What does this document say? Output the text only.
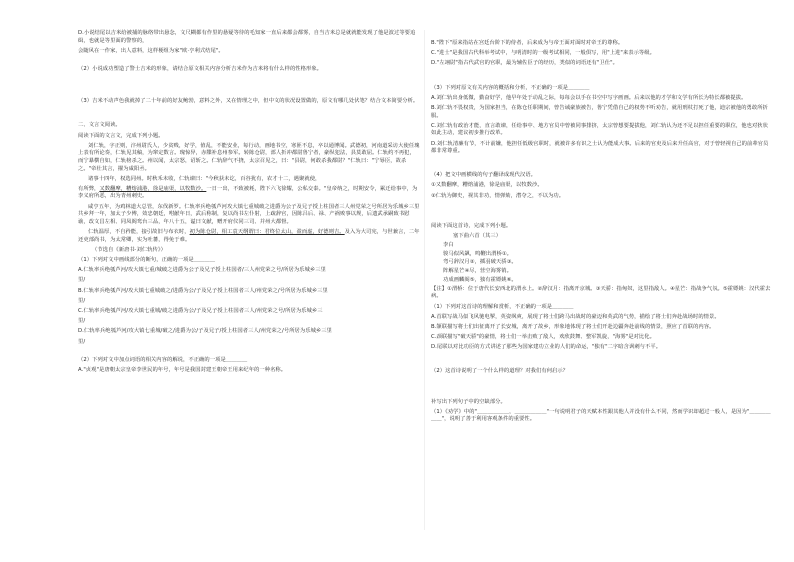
D.小说结尾以吉米给被捕的脉络带出悬念，文尺糊都有作里的悬疑等待的毛知家一直后来都会都雾，自当吉米总是就就能发现了他是波过等要追缉，也就是等里面的警察的，

会随风在一作家，出人意料，这样梗组为家"欧·亨利式结尾"。

（2）小说成功塑造了警士吉米的形象，请结合原文相关内容分析吉米作为吉米将有什么样的性格形象。

（3）吉米不动声色我就掉了二十年前的好友鲍勃，意料之外，又在情理之中，但中文的状况设置做的，原文有哪几处伏笔？结合文本简要分析。

二、文言文阅读。

阅读下面的文言文，完成下列小题。

刘仁轨，字正则，汴州尉氏人，少贫贱，好学，值乱，不能安业，每行动，画地书空，寒匪不息，卒以通博闻。武德初，河南道采访大使任瑰上表有所论奏，仁轨见其稿，为窜定数言。瑰惊异，赤牒补息州参军。转陈仓尉，部人折冲都尉鲁宁者，豪纵犯法，县莫敢屈。仁轨约不再犯，而宁暴横自如，仁轨榜杀之。州以闻，太宗怒，诏斩之。仁轨辞气不挠，太宗召见之，曰："县尉，何敢杀我都尉？"仁轨曰："宁辱臣，故杀之。"帝壮其言，擢为咸阳丞。

诸事十四年，权选同州。时秋禾未收，仁轨谏曰："今秋获未讫，百谷犹有，农才十二，遇聚就使，

有所弊，又数翻摩，糟熔浦港，徐是庙渠，以牧数沙。一日一出，不致被耗，陛下六飞徐耀，公私交泰。"皇帝纳之，时期安令，累迁给事中，为李义府所恶，出为青州刺史。

咸亨五年，为鸡林道大总管，东伐新罗。仁轨率兵绝瓠芦河攻大镇七重城破之进爵为公子及兄子授上柱国者三人州党荣之号所居为乐城乡三里共乡拜一年，加太子少傅，效忠朝廷，咐献年日，武后称制，复以尚书左仆射，上疏辞官，因陈吕后、禄、产祸败事以规，后遗武承嗣致书慰谕，改文昌左相、同凤阁鸾台三品，年八十五，谥曰文献，赠开府仪同三司、并州大都督。

仁轨温厚，不自矜能，接引故旧与布衣时，初为陈仓尉，相工袁天纲谓曰：君终位太山，盈而虚，好德则吉。及入为大司宪，与世兼言，二年还吏部尚书，为太常卿，实为吐蕃，得免于难。

（节选自《新唐书·刘仁轨传》）

（1）下列对文中画线部分的断句，正确的一项是＿＿＿＿

A.仁轨率兵绝瓠芦河/攻大镇七重/城破之进爵为公子及兄子授上柱国者/三人州党荣之号/所居为乐城乡三里

里/

B.仁轨率兵绝瓠芦河/攻大镇七重城破之/进爵为公/子及兄子授上柱国者三人/州党荣之/号所居为乐城乡三里

里/

C.仁轨率兵绝瓠芦河/攻大镇七重城/破之进爵为公/子及兄子授上柱国者三人/州党荣之号/所居为乐城乡三

里/

D.仁轨率兵绝瓠芦河/攻大镇七重城/破之/进爵为公/子及兄子/授上柱国者三人/州党荣之/号所居为乐城乡三里

里/

（2）下列对文中加点词语的相关内容的解说，不正确的一项是＿＿＿＿

A."贞观"是唐朝太宗皇帝李世民的年号，年号是我国封建王朝帝王用来纪年的一种名称。

B."陛下"原来指站在宫廷台阶下的侍者，后来成为与帝王面对面时对帝王的尊称。

C."进士"是我国古代科举考试中，与明清时的一级考试相同，一般俱写，用"上进"来表示等级。

D."左翊尉"指古代武官的官职，最为辅佐臣子的经历，类似的词语还有"卫仕"。

（3）下列对原文有关内容的概括和分析，不正确的一项是＿＿＿＿

A.刘仁轨出身低微，勤奋好学，他早年处于动乱之际，每每会以手在书空中写字画画。后来以他的才学和文学有所长为特长都被提拔。

B.刘仁轨不畏权贵，为国家担当，在陈仓任职期间，曾告诫豪族被告，鲁宁凭借自己的权势不听劝告，就用刑杖打死了他，迪宗被他的勇敢所折服。

C.刘仁轨有政治才能，直言敢谏，任给事中、地方官员中曾被同事排挤，太宗曾想要提拔他，刘仁轨认为还不足以担任重要的职位，他也对狄状如此主动，建议初步推行改革。

D.刘仁轨清廉有节，不计前嫌，他担任低级官职时，就被许多有识之士认为能成大事。后来的官吏及后来升任高官，对于曾轻视自己的前辈官员都非常尊重。

（4）把文中画横线的句子翻译成现代汉语。

①又数翻摩，糟熔浦港，徐是庙渠，以牧数沙。

②仁轨为御史，视其非功，情弹劾，潜夺之，不以为功。

阅读下面这首诗，完成下列小题。

塞下曲六首（其三）

李白

骏马似风飙，鸣鞭出渭桥①。

弯弓辞汉月②，插羽破天骄③。

阵解星芒④尽，营空海雾销。

功成画麟阁⑤，独有霍嫖姚⑥。

【注】①渭桥：位于唐代长安西北的渭水上。②辞汉月：指离开京城。③天骄：指匈奴，这里指敌人。④星芒：指战争气氛。⑤霍嫖姚：汉代霍去病。

（1）下列对这首诗的理解和赏析，不正确的一项是＿＿＿＿

A.首联写战马似飞风驰电掣，英姿飒爽，展现了将士们跨马出战时的豪迈和英武的气势，描绘了将士们奔赴战场时的情景。

B.颔联描写将士们出征离开了长安城，离开了故乡，形象地体现了将士们开赴边疆奔赴前线的情景，照应了首联的内容。

C.颈联描写"破天骄"的豪情，将士们一举击败了敌人，欢欣鼓舞、整军凯旋，"海雾"是对比化。

D.尾联以对比功臣的方式讲述了那些为国家建功立业的人们的命运，"独有"二字暗含讽刺与不平。

（2）这首诗说明了一个什么样的道理？对我们有何启示？

补写出下列句子中的空缺部分。

（1）《劝学》中的"＿＿＿＿＿＿，＿＿＿＿＿＿"一句说明君子的天赋本性跟其他人并没有什么不同，然而学识却超过一般人，是因为"＿＿＿＿＿＿"，说明了善于利用客观条件的重要性。
